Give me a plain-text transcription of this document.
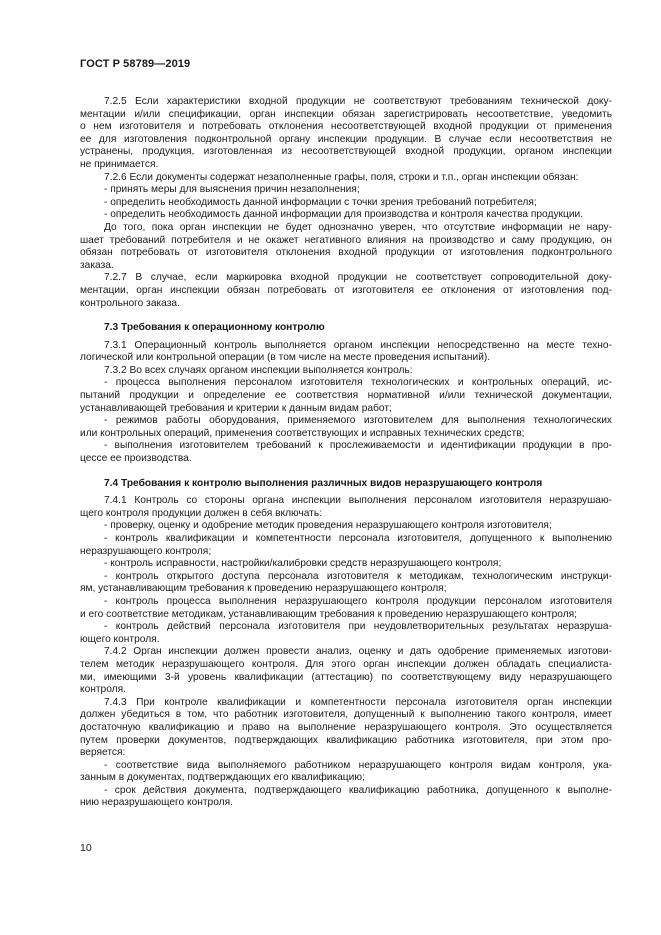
ГОСТ Р 58789—2019
7.2.5 Если характеристики входной продукции не соответствуют требованиям технической доку-
ментации и/или спецификации, орган инспекции обязан зарегистрировать несоответствие, уведомить
о нем изготовителя и потребовать отклонения несоответствующей входной продукции от применения
ее для изготовления подконтрольной органу инспекции продукции. В случае если несоответствия не
устранены, продукция, изготовленная из несоответствующей входной продукции, органом инспекции
не принимается.
7.2.6 Если документы содержат незаполненные графы, поля, строки и т.п., орган инспекции обязан:
- принять меры для выяснения причин незаполнения;
- определить необходимость данной информации с точки зрения требований потребителя;
- определить необходимость данной информации для производства и контроля качества продукции.
До того, пока орган инспекции не будет однозначно уверен, что отсутствие информации не нару-
шает требований потребителя и не окажет негативного влияния на производство и саму продукцию, он
обязан потребовать от изготовителя отклонения входной продукции от изготовления подконтрольного
заказа.
7.2.7 В случае, если маркировка входной продукции не соответствует сопроводительной доку-
ментации, орган инспекции обязан потребовать от изготовителя ее отклонения от изготовления под-
контрольного заказа.
7.3 Требования к операционному контролю
7.3.1 Операционный контроль выполняется органом инспекции непосредственно на месте техно-
логической или контрольной операции (в том числе на месте проведения испытаний).
7.3.2 Во всех случаях органом инспекции выполняется контроль:
- процесса выполнения персоналом изготовителя технологических и контрольных операций, ис-
пытаний продукции и определение ее соответствия нормативной и/или технической документации,
устанавливающей требования и критерии к данным видам работ;
- режимов работы оборудования, применяемого изготовителем для выполнения технологических
или контрольных операций, применения соответствующих и исправных технических средств;
- выполнения изготовителем требований к прослеживаемости и идентификации продукции в про-
цессе ее производства.
7.4 Требования к контролю выполнения различных видов неразрушающего контроля
7.4.1 Контроль со стороны органа инспекции выполнения персоналом изготовителя неразрушаю-
щего контроля продукции должен в себя включать:
- проверку, оценку и одобрение методик проведения неразрушающего контроля изготовителя;
- контроль квалификации и компетентности персонала изготовителя, допущенного к выполнению
неразрушающего контроля;
- контроль исправности, настройки/калибровки средств неразрушающего контроля;
- контроль открытого доступа персонала изготовителя к методикам, технологическим инструкци-
ям, устанавливающим требования к проведению неразрушающего контроля;
- контроль процесса выполнения неразрушающего контроля продукции персоналом изготовителя
и его соответствие методикам, устанавливающим требования к проведению неразрушающего контроля;
- контроль действий персонала изготовителя при неудовлетворительных результатах неразруша-
ющего контроля.
7.4.2 Орган инспекции должен провести анализ, оценку и дать одобрение применяемых изготови-
телем методик неразрушающего контроля. Для этого орган инспекции должен обладать специалиста-
ми, имеющими 3-й уровень квалификации (аттестацию) по соответствующему виду неразрушающего
контроля.
7.4.3 При контроле квалификации и компетентности персонала изготовителя орган инспекции
должен убедиться в том, что работник изготовителя, допущенный к выполнению такого контроля, имеет
достаточную квалификацию и право на выполнение неразрушающего контроля. Это осуществляется
путем проверки документов, подтверждающих квалификацию работника изготовителя, при этом про-
веряется:
- соответствие вида выполняемого работником неразрушающего контроля видам контроля, ука-
занным в документах, подтверждающих его квалификацию;
- срок действия документа, подтверждающего квалификацию работника, допущенного к выполне-
нию неразрушающего контроля.
10
